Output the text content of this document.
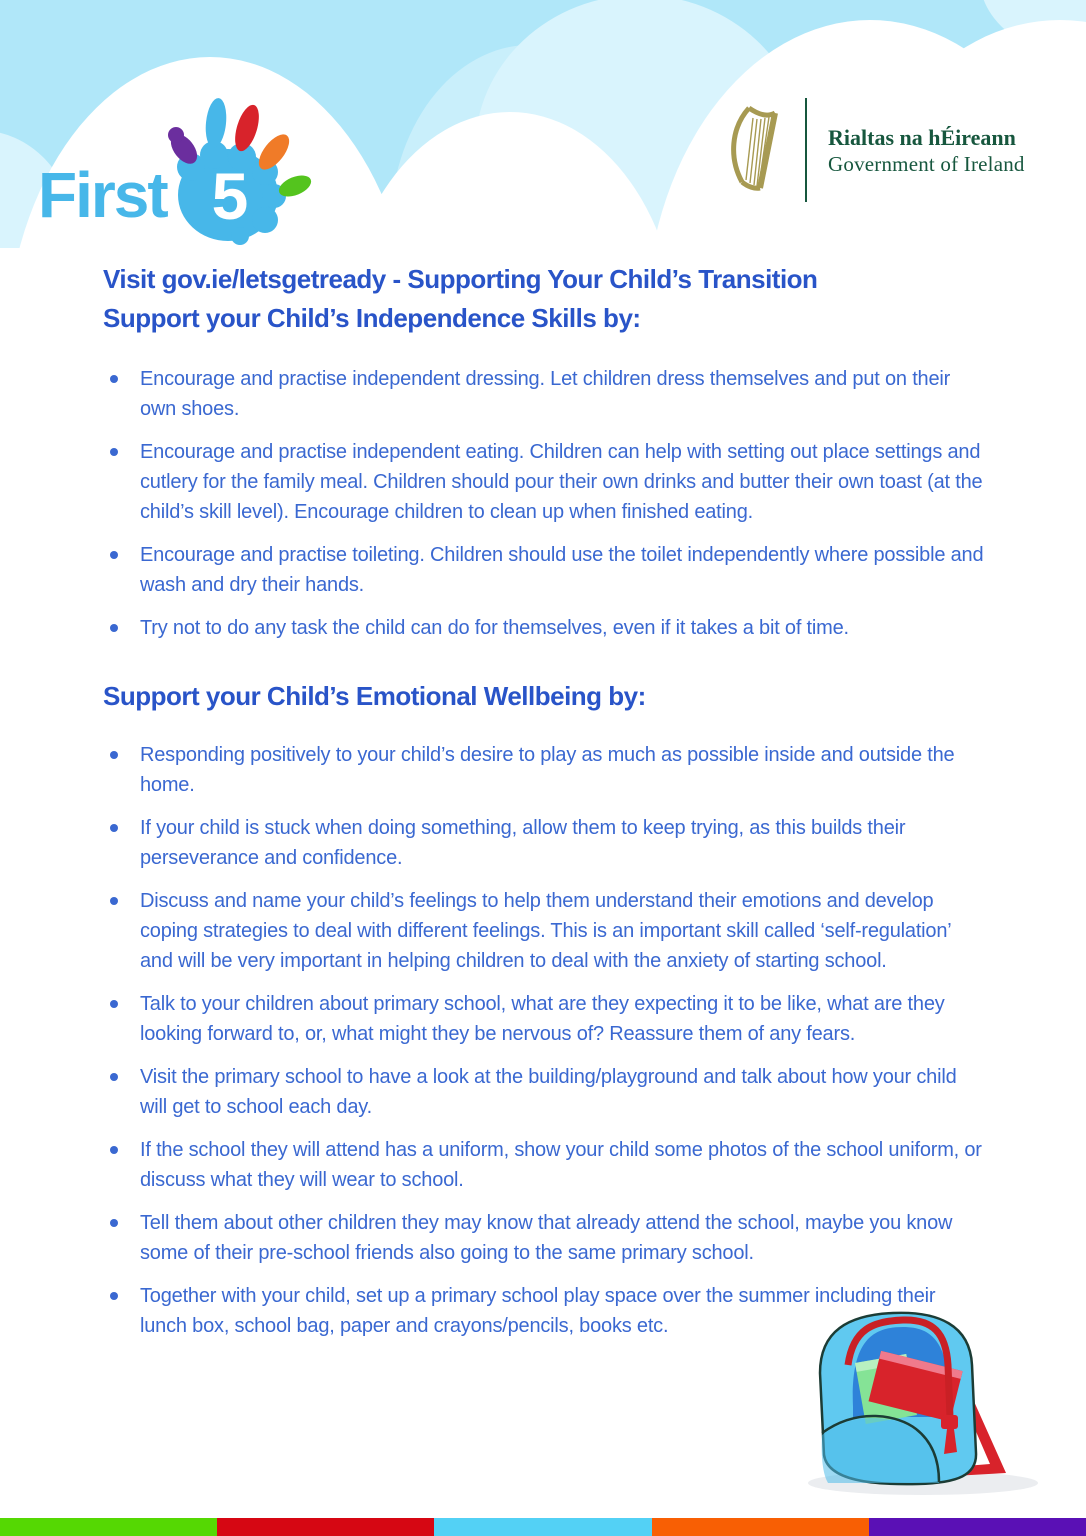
First 5
Rialtas na hÉireann
Government of Ireland
Visit gov.ie/letsgetready - Supporting Your Child’s Transition
Support your Child’s Independence Skills by:
Encourage and practise independent dressing. Let children dress themselves and put on their own shoes.
Encourage and practise independent eating. Children can help with setting out place settings and cutlery for the family meal. Children should pour their own drinks and butter their own toast (at the child’s skill level). Encourage children to clean up when finished eating.
Encourage and practise toileting. Children should use the toilet independently where possible and wash and dry their hands.
Try not to do any task the child can do for themselves, even if it takes a bit of time.
Support your Child’s Emotional Wellbeing by:
Responding positively to your child’s desire to play as much as possible inside and outside the home.
If your child is stuck when doing something, allow them to keep trying, as this builds their perseverance and confidence.
Discuss and name your child’s feelings to help them understand their emotions and develop coping strategies to deal with different feelings. This is an important skill called ‘self-regulation’ and will be very important in helping children to deal with the anxiety of starting school.
Talk to your children about primary school, what are they expecting it to be like, what are they looking forward to, or, what might they be nervous of? Reassure them of any fears.
Visit the primary school to have a look at the building/playground and talk about how your child will get to school each day.
If the school they will attend has a uniform, show your child some photos of the school uniform, or discuss what they will wear to school.
Tell them about other children they may know that already attend the school, maybe you know some of their pre-school friends also going to the same primary school.
Together with your child, set up a primary school play space over the summer including their lunch box, school bag, paper and crayons/pencils, books etc.
